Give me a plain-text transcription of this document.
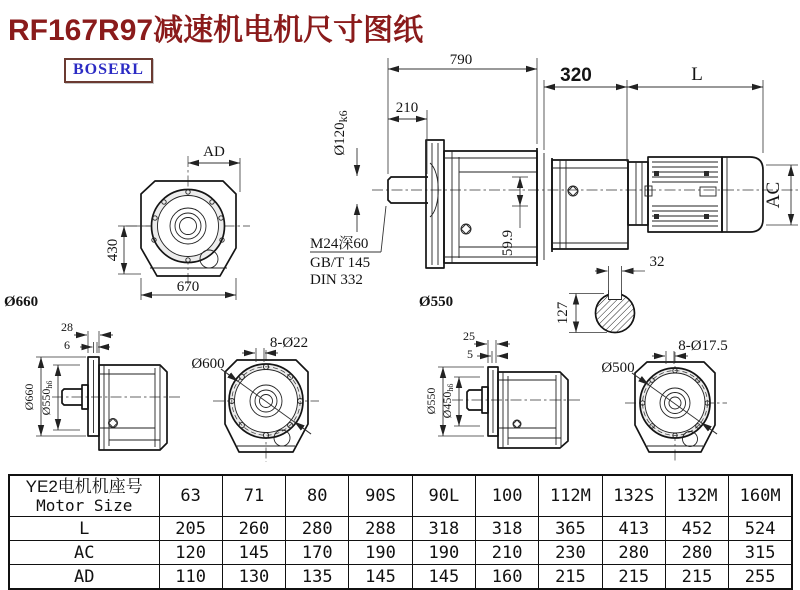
RF167R97减速机电机尺寸图纸
BOSERL
AD
430
670
790
210
$Ø120_{k6}$
M24深60
GB/T 145
DIN 332
59.9
320	L
AC
32
127
Ø660
28
6
Ø660 Ø550h6
Ø600
8-Ø22
Ø550
25
5
Ø550 Ø450h6
Ø500
8-Ø17.5
YE2电机机座号
Motor Size	63	71	80	90S	90L	100	112M	132S	132M	160M
L	205	260	280	288	318	318	365	413	452	524
AC	120	145	170	190	190	210	230	280	280	315
AD	110	130	135	145	145	160	215	215	215	255
